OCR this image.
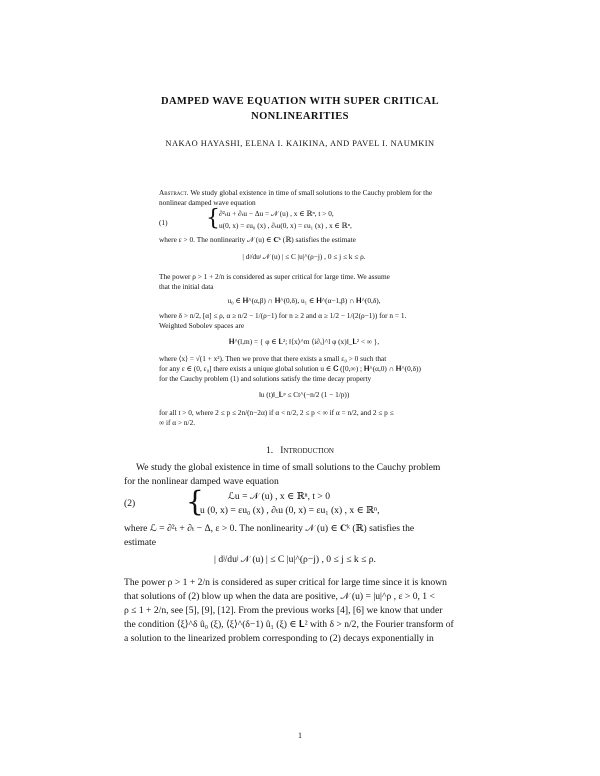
DAMPED WAVE EQUATION WITH SUPER CRITICAL
NONLINEARITIES
NAKAO HAYASHI, ELENA I. KAIKINA, AND PAVEL I. NAUMKIN
Abstract. We study global existence in time of small solutions to the Cauchy problem for the nonlinear damped wave equation
(1) { ∂²ₜu + ∂ₜu − Δu = 𝒩 (u) , x ∈ ℝⁿ, t > 0,
u(0, x) = εu₀ (x) , ∂ₜu(0, x) = εu₁ (x) , x ∈ ℝⁿ,
where ε > 0. The nonlinearity 𝒩 (u) ∈ 𝐂ᵏ (ℝ) satisfies the estimate
| dʲ/duʲ 𝒩 (u) | ≤ C |u|^(ρ−j) , 0 ≤ j ≤ k ≤ ρ.
The power ρ > 1 + 2/n is considered as super critical for large time. We assume
that the initial data
u₀ ∈ 𝐇^(α,β) ∩ 𝐇^(0,δ), u₁ ∈ 𝐇^(α−1,β) ∩ 𝐇^(0,δ),
where δ > n/2, [α] ≤ ρ, α ≥ n/2 − 1/(ρ−1) for n ≥ 2 and α ≥ 1/2 − 1/(2(ρ−1)) for n = 1.
Weighted Sobolev spaces are
𝐇^(l,m) = { φ ∈ 𝐋²; ‖⟨x⟩^m ⟨i∂ₓ⟩^l φ (x)‖_𝐋² < ∞ },
where ⟨x⟩ = √(1 + x²). Then we prove that there exists a small ε₀ > 0 such that
for any ε ∈ (0, ε₀] there exists a unique global solution u ∈ 𝐂 ([0,∞) ; 𝐇^(α,0) ∩ 𝐇^(0,δ))
for the Cauchy problem (1) and solutions satisfy the time decay property
‖u (t)‖_𝐋ᵖ ≤ Ct^(−n/2 (1 − 1/p))
for all t > 0, where 2 ≤ p ≤ 2n/(n−2α) if α < n/2, 2 ≤ p < ∞ if α = n/2, and 2 ≤ p ≤
∞ if α > n/2.
1. Introduction
We study the global existence in time of small solutions to the Cauchy problem
for the nonlinear damped wave equation
(2) {	ℒu = 𝒩 (u) , x ∈ ℝⁿ, t > 0
u (0, x) = εu₀ (x) , ∂ₜu (0, x) = εu₁ (x) , x ∈ ℝⁿ,
where ℒ = ∂²ₜ + ∂ₜ − Δ, ε > 0. The nonlinearity 𝒩 (u) ∈ 𝐂ᵏ (ℝ) satisfies the
estimate
| dʲ/duʲ 𝒩 (u) | ≤ C |u|^(ρ−j) , 0 ≤ j ≤ k ≤ ρ.
The power ρ > 1 + 2/n is considered as super critical for large time since it is known
that solutions of (2) blow up when the data are positive, 𝒩 (u) = |u|^ρ , ε > 0, 1 <
ρ ≤ 1 + 2/n, see [5], [9], [12]. From the previous works [4], [6] we know that under
the condition ⟨ξ⟩^δ û₀ (ξ), ⟨ξ⟩^(δ−1) û₁ (ξ) ∈ 𝐋² with δ > n/2, the Fourier transform of
a solution to the linearized problem corresponding to (2) decays exponentially in
1
